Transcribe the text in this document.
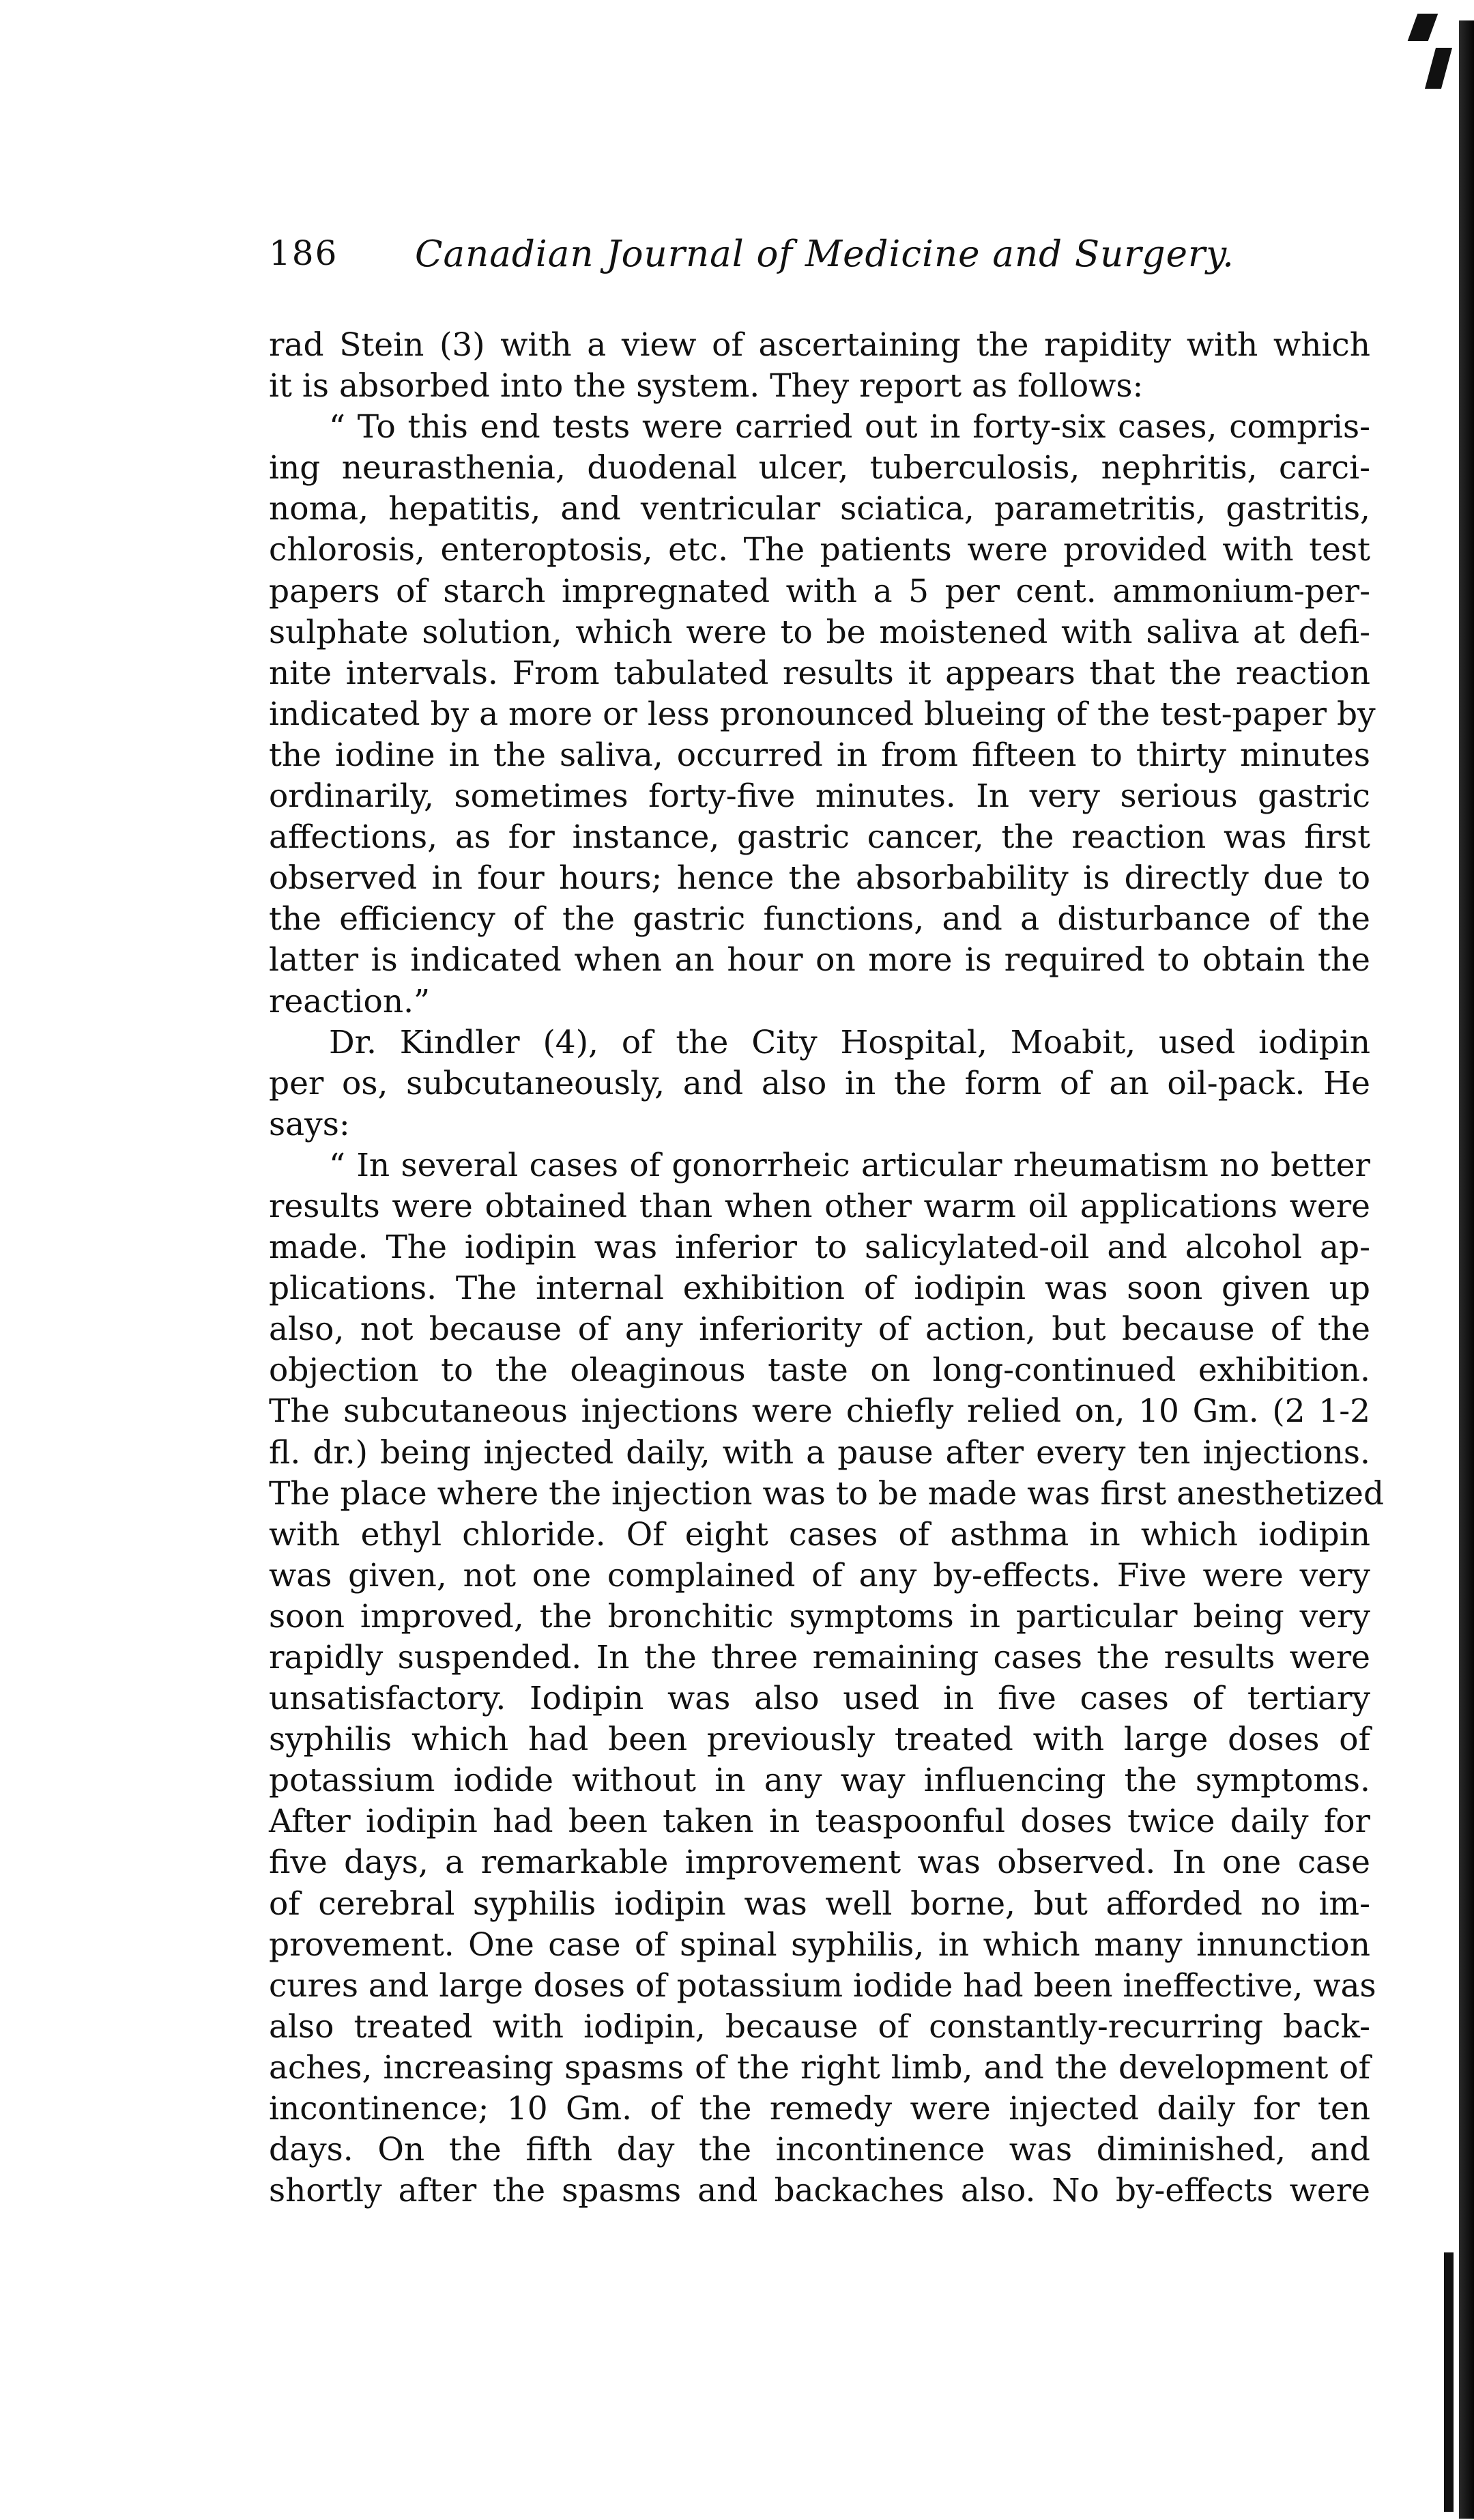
186 Canadian Journal of Medicine and Surgery.
rad Stein (3) with a view of ascertaining the rapidity with which
it is absorbed into the system. They report as follows:
“ To this end tests were carried out in forty-six cases, compris-
ing neurasthenia, duodenal ulcer, tuberculosis, nephritis, carci-
noma, hepatitis, and ventricular sciatica, parametritis, gastritis,
chlorosis, enteroptosis, etc. The patients were provided with test
papers of starch impregnated with a 5 per cent. ammonium-per-
sulphate solution, which were to be moistened with saliva at defi-
nite intervals. From tabulated results it appears that the reaction
indicated by a more or less pronounced blueing of the test-paper by
the iodine in the saliva, occurred in from fifteen to thirty minutes
ordinarily, sometimes forty-five minutes. In very serious gastric
affections, as for instance, gastric cancer, the reaction was first
observed in four hours; hence the absorbability is directly due to
the efficiency of the gastric functions, and a disturbance of the
latter is indicated when an hour on more is required to obtain the
reaction.”
Dr. Kindler (4), of the City Hospital, Moabit, used iodipin
per os, subcutaneously, and also in the form of an oil-pack. He
says:
“ In several cases of gonorrheic articular rheumatism no better
results were obtained than when other warm oil applications were
made. The iodipin was inferior to salicylated-oil and alcohol ap-
plications. The internal exhibition of iodipin was soon given up
also, not because of any inferiority of action, but because of the
objection to the oleaginous taste on long-continued exhibition.
The subcutaneous injections were chiefly relied on, 10 Gm. (2 1-2
fl. dr.) being injected daily, with a pause after every ten injections.
The place where the injection was to be made was first anesthetized
with ethyl chloride. Of eight cases of asthma in which iodipin
was given, not one complained of any by-effects. Five were very
soon improved, the bronchitic symptoms in particular being very
rapidly suspended. In the three remaining cases the results were
unsatisfactory. Iodipin was also used in five cases of tertiary
syphilis which had been previously treated with large doses of
potassium iodide without in any way influencing the symptoms.
After iodipin had been taken in teaspoonful doses twice daily for
five days, a remarkable improvement was observed. In one case
of cerebral syphilis iodipin was well borne, but afforded no im-
provement. One case of spinal syphilis, in which many innunction
cures and large doses of potassium iodide had been ineffective, was
also treated with iodipin, because of constantly-recurring back-
aches, increasing spasms of the right limb, and the development of
incontinence; 10 Gm. of the remedy were injected daily for ten
days. On the fifth day the incontinence was diminished, and
shortly after the spasms and backaches also. No by-effects were
